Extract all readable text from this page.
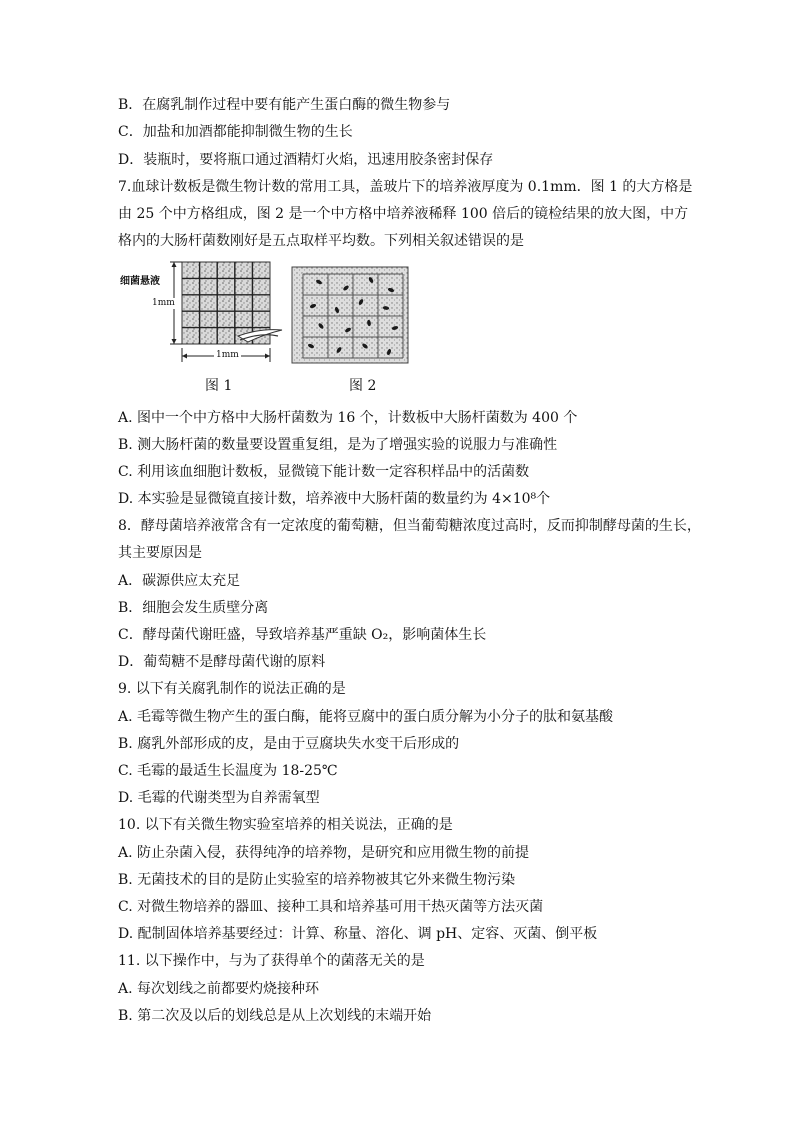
B．在腐乳制作过程中要有能产生蛋白酶的微生物参与
C．加盐和加酒都能抑制微生物的生长
D．装瓶时，要将瓶口通过酒精灯火焰，迅速用胶条密封保存
7.血球计数板是微生物计数的常用工具，盖玻片下的培养液厚度为 0.1mm．图 1 的大方格是
由 25 个中方格组成，图 2 是一个中方格中培养液稀释 100 倍后的镜检结果的放大图，中方
格内的大肠杆菌数刚好是五点取样平均数。下列相关叙述错误的是
细菌悬液
1mm
1mm
图 1	图 2
A. 图中一个中方格中大肠杆菌数为 16 个，计数板中大肠杆菌数为 400 个
B. 测大肠杆菌的数量要设置重复组，是为了增强实验的说服力与准确性
C. 利用该血细胞计数板，显微镜下能计数一定容积样品中的活菌数
D. 本实验是显微镜直接计数，培养液中大肠杆菌的数量约为 4×10⁸个
8．酵母菌培养液常含有一定浓度的葡萄糖，但当葡萄糖浓度过高时，反而抑制酵母菌的生长，
其主要原因是
A．碳源供应太充足
B．细胞会发生质壁分离
C．酵母菌代谢旺盛，导致培养基严重缺 O₂，影响菌体生长
D．葡萄糖不是酵母菌代谢的原料
9. 以下有关腐乳制作的说法正确的是
A. 毛霉等微生物产生的蛋白酶，能将豆腐中的蛋白质分解为小分子的肽和氨基酸
B. 腐乳外部形成的皮，是由于豆腐块失水变干后形成的
C. 毛霉的最适生长温度为 18-25℃
D. 毛霉的代谢类型为自养需氧型
10. 以下有关微生物实验室培养的相关说法，正确的是
A. 防止杂菌入侵，获得纯净的培养物，是研究和应用微生物的前提
B. 无菌技术的目的是防止实验室的培养物被其它外来微生物污染
C. 对微生物培养的器皿、接种工具和培养基可用干热灭菌等方法灭菌
D. 配制固体培养基要经过：计算、称量、溶化、调 pH、定容、灭菌、倒平板
11. 以下操作中，与为了获得单个的菌落无关的是
A. 每次划线之前都要灼烧接种环
B. 第二次及以后的划线总是从上次划线的末端开始
